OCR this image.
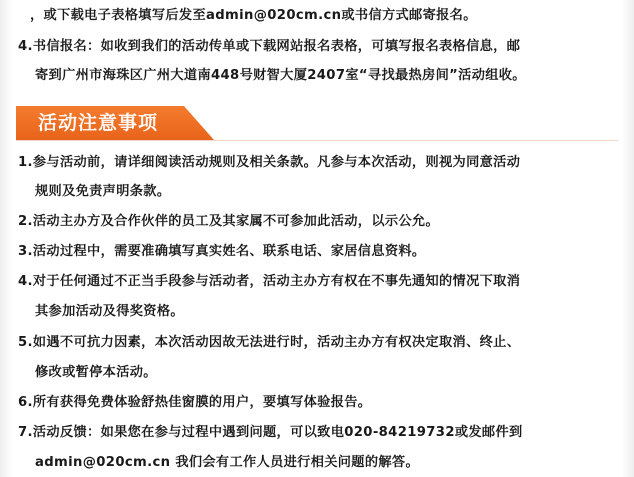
，或下载电子表格填写后发至admin@020cm.cn或书信方式邮寄报名。
4.书信报名：如收到我们的活动传单或下载网站报名表格，可填写报名表格信息，邮
寄到广州市海珠区广州大道南448号财智大厦2407室“寻找最热房间”活动组收。
活动注意事项
1.参与活动前，请详细阅读活动规则及相关条款。凡参与本次活动，则视为同意活动
规则及免责声明条款。
2.活动主办方及合作伙伴的员工及其家属不可参加此活动，以示公允。
3.活动过程中，需要准确填写真实姓名、联系电话、家居信息资料。
4.对于任何通过不正当手段参与活动者，活动主办方有权在不事先通知的情况下取消
其参加活动及得奖资格。
5.如遇不可抗力因素，本次活动因故无法进行时，活动主办方有权决定取消、终止、
修改或暂停本活动。
6.所有获得免费体验舒热佳窗膜的用户，要填写体验报告。
7.活动反馈：如果您在参与过程中遇到问题，可以致电020-84219732或发邮件到
admin@020cm.cn 我们会有工作人员进行相关问题的解答。
